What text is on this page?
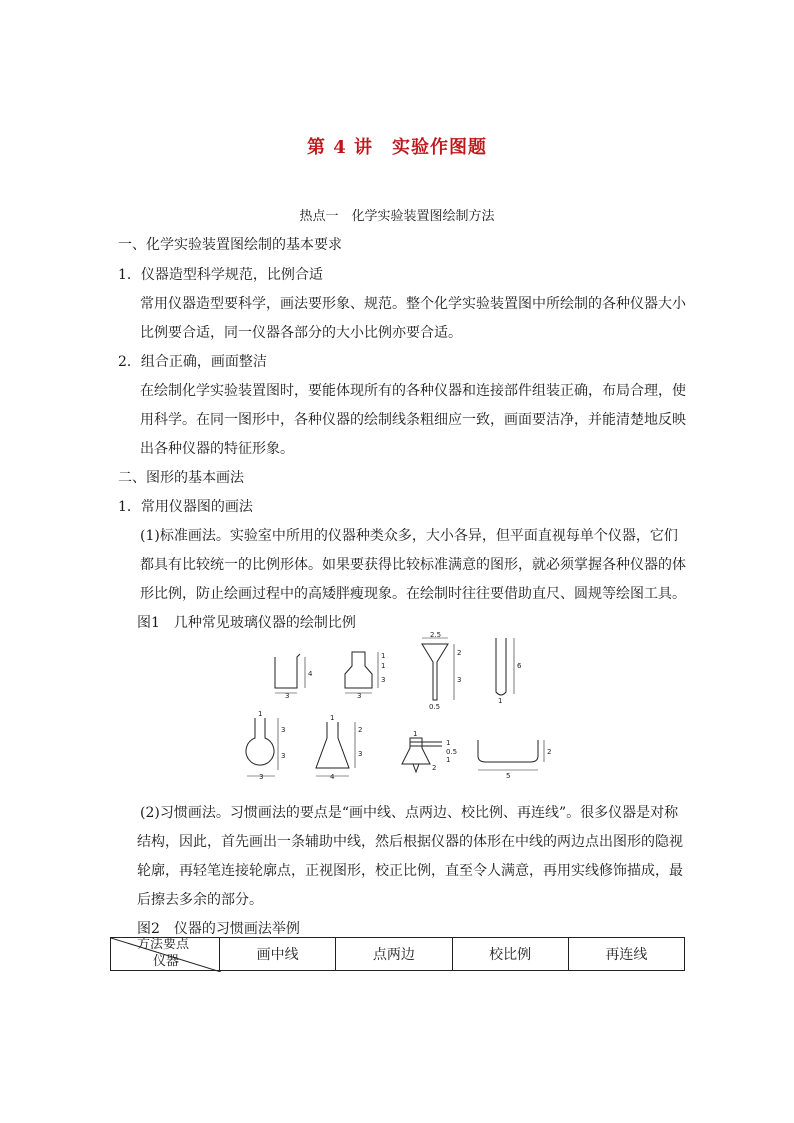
第 4 讲　实验作图题
热点一　化学实验装置图绘制方法
一、化学实验装置图绘制的基本要求
1．仪器造型科学规范，比例合适
常用仪器造型要科学，画法要形象、规范。整个化学实验装置图中所绘制的各种仪器大小
比例要合适，同一仪器各部分的大小比例亦要合适。
2．组合正确，画面整洁
在绘制化学实验装置图时，要能体现所有的各种仪器和连接部件组装正确，布局合理，使
用科学。在同一图形中，各种仪器的绘制线条粗细应一致，画面要洁净，并能清楚地反映
出各种仪器的特征形象。
二、图形的基本画法
1．常用仪器图的画法
(1)标准画法。实验室中所用的仪器种类众多，大小各异，但平面直视每单个仪器，它们
都具有比较统一的比例形体。如果要获得比较标准满意的图形，就必须掌握各种仪器的体
形比例，防止绘画过程中的高矮胖瘦现象。在绘制时往往要借助直尺、圆规等绘图工具。
图1　几种常见玻璃仪器的绘制比例
3
4
3
1
1
3
2.5
2
3
0.5
1
6
1
3
3
3
1
2
3
4
1
1
0.5
1
2
5
2
(2)习惯画法。习惯画法的要点是“画中线、点两边、校比例、再连线”。很多仪器是对称
结构，因此，首先画出一条辅助中线，然后根据仪器的体形在中线的两边点出图形的隐视
轮廓，再轻笔连接轮廓点，正视图形，校正比例，直至令人满意，再用实线修饰描成，最
后擦去多余的部分。
图2　仪器的习惯画法举例
方法要点
仪器	画中线	点两边	校比例	再连线
